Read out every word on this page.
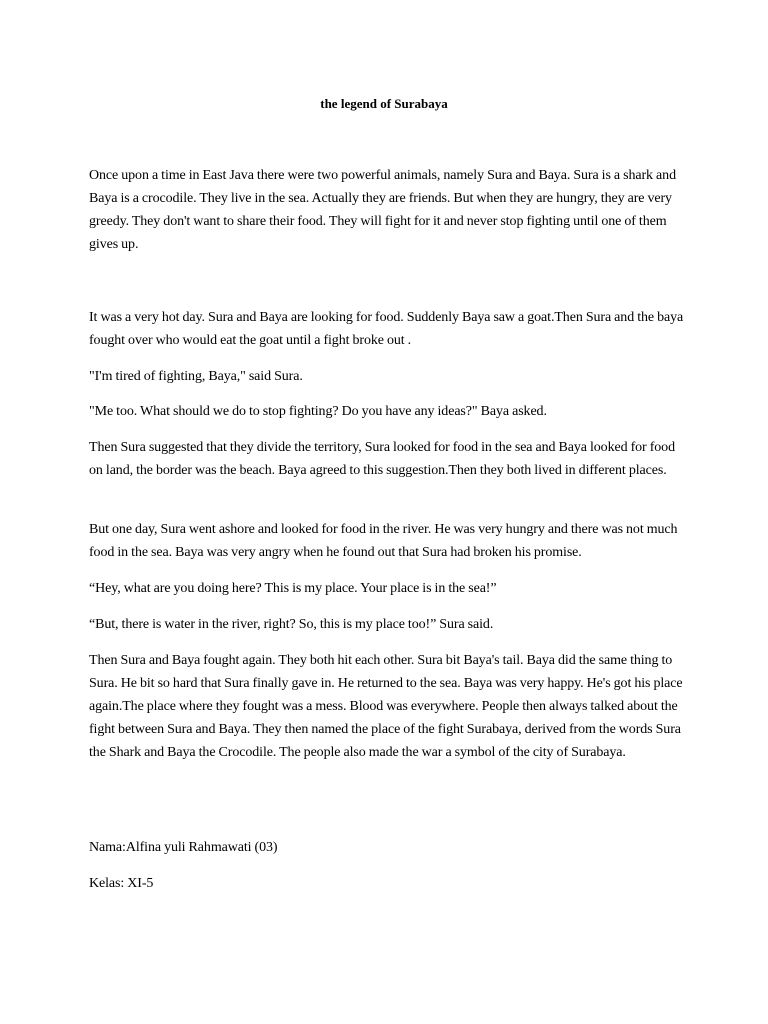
the legend of Surabaya

Once upon a time in East Java there were two powerful animals, namely Sura and Baya. Sura is a shark and Baya is a crocodile. They live in the sea. Actually they are friends. But when they are hungry, they are very greedy. They don't want to share their food. They will fight for it and never stop fighting until one of them gives up.

It was a very hot day. Sura and Baya are looking for food. Suddenly Baya saw a goat.Then Sura and the baya fought over who would eat the goat until a fight broke out .

"I'm tired of fighting, Baya," said Sura.

"Me too. What should we do to stop fighting? Do you have any ideas?" Baya asked.

Then Sura suggested that they divide the territory, Sura looked for food in the sea and Baya looked for food on land, the border was the beach. Baya agreed to this suggestion.Then they both lived in different places.

But one day, Sura went ashore and looked for food in the river. He was very hungry and there was not much food in the sea. Baya was very angry when he found out that Sura had broken his promise.

“Hey, what are you doing here? This is my place. Your place is in the sea!”

“But, there is water in the river, right? So, this is my place too!” Sura said.

Then Sura and Baya fought again. They both hit each other. Sura bit Baya's tail. Baya did the same thing to Sura. He bit so hard that Sura finally gave in. He returned to the sea. Baya was very happy. He's got his place again.The place where they fought was a mess. Blood was everywhere. People then always talked about the fight between Sura and Baya. They then named the place of the fight Surabaya, derived from the words Sura the Shark and Baya the Crocodile. The people also made the war a symbol of the city of Surabaya.

Nama:Alfina yuli Rahmawati (03)

Kelas: XI-5
